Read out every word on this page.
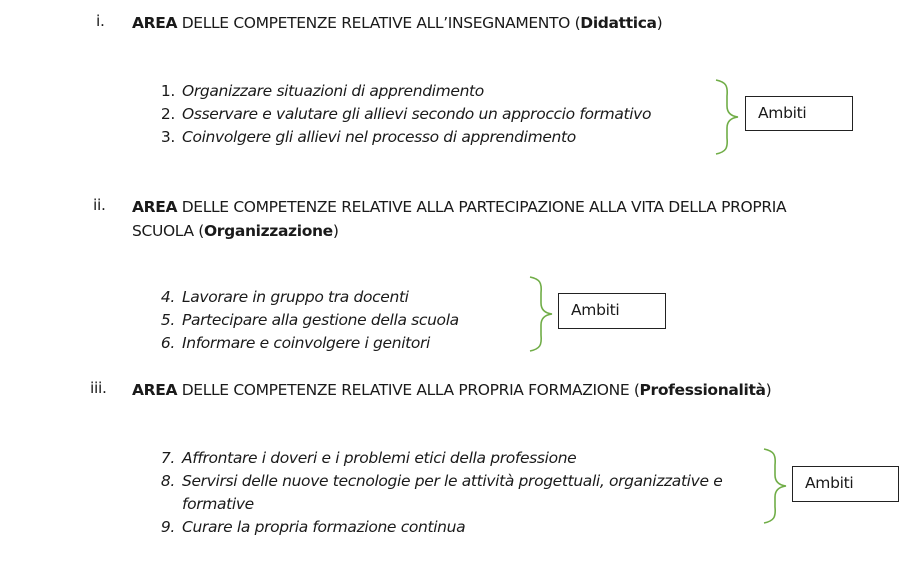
i. AREA DELLE COMPETENZE RELATIVE ALL’INSEGNAMENTO (Didattica)
1. Organizzare situazioni di apprendimento
2. Osservare e valutare gli allievi secondo un approccio formativo
3. Coinvolgere gli allievi nel processo di apprendimento
Ambiti
ii. AREA DELLE COMPETENZE RELATIVE ALLA PARTECIPAZIONE ALLA VITA DELLA PROPRIA
SCUOLA (Organizzazione)
4. Lavorare in gruppo tra docenti
5. Partecipare alla gestione della scuola
6. Informare e coinvolgere i genitori
Ambiti
iii. AREA DELLE COMPETENZE RELATIVE ALLA PROPRIA FORMAZIONE (Professionalità)
7. Affrontare i doveri e i problemi etici della professione
8. Servirsi delle nuove tecnologie per le attività progettuali, organizzative e
formative
9. Curare la propria formazione continua
Ambiti
